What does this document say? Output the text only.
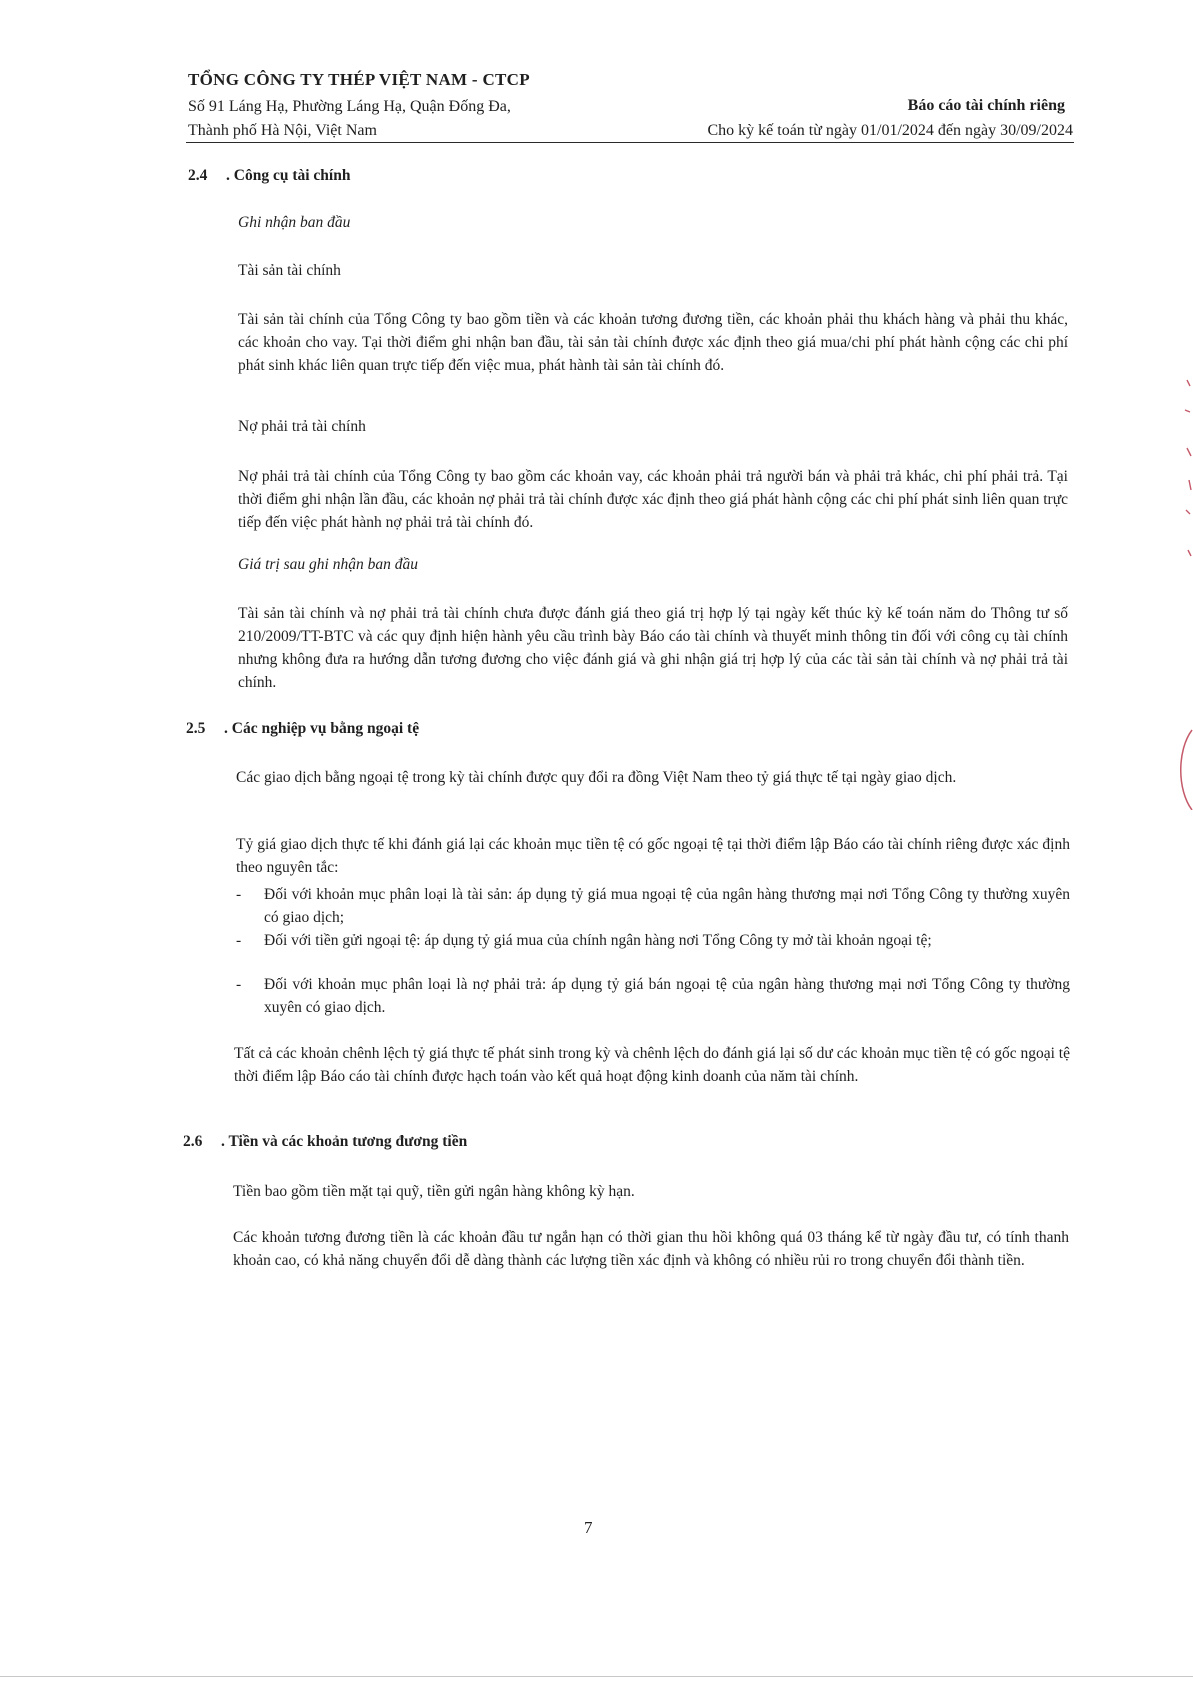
TỔNG CÔNG TY THÉP VIỆT NAM - CTCP
Số 91 Láng Hạ, Phường Láng Hạ, Quận Đống Đa,
Thành phố Hà Nội, Việt Nam
Báo cáo tài chính riêng
Cho kỳ kế toán từ ngày 01/01/2024 đến ngày 30/09/2024
2.4 . Công cụ tài chính
Ghi nhận ban đầu
Tài sản tài chính

Tài sản tài chính của Tổng Công ty bao gồm tiền và các khoản tương đương tiền, các khoản phải thu khách hàng và phải thu khác, các khoản cho vay. Tại thời điểm ghi nhận ban đầu, tài sản tài chính được xác định theo giá mua/chi phí phát hành cộng các chi phí phát sinh khác liên quan trực tiếp đến việc mua, phát hành tài sản tài chính đó.

Nợ phải trả tài chính

Nợ phải trả tài chính của Tổng Công ty bao gồm các khoản vay, các khoản phải trả người bán và phải trả khác, chi phí phải trả. Tại thời điểm ghi nhận lần đầu, các khoản nợ phải trả tài chính được xác định theo giá phát hành cộng các chi phí phát sinh liên quan trực tiếp đến việc phát hành nợ phải trả tài chính đó.

Giá trị sau ghi nhận ban đầu

Tài sản tài chính và nợ phải trả tài chính chưa được đánh giá theo giá trị hợp lý tại ngày kết thúc kỳ kế toán năm do Thông tư số 210/2009/TT-BTC và các quy định hiện hành yêu cầu trình bày Báo cáo tài chính và thuyết minh thông tin đối với công cụ tài chính nhưng không đưa ra hướng dẫn tương đương cho việc đánh giá và ghi nhận giá trị hợp lý của các tài sản tài chính và nợ phải trả tài chính.

2.5 . Các nghiệp vụ bằng ngoại tệ

Các giao dịch bằng ngoại tệ trong kỳ tài chính được quy đổi ra đồng Việt Nam theo tỷ giá thực tế tại ngày giao dịch.

Tỷ giá giao dịch thực tế khi đánh giá lại các khoản mục tiền tệ có gốc ngoại tệ tại thời điểm lập Báo cáo tài chính riêng được xác định theo nguyên tắc:

- Đối với khoản mục phân loại là tài sản: áp dụng tỷ giá mua ngoại tệ của ngân hàng thương mại nơi Tổng Công ty thường xuyên có giao dịch;
- Đối với tiền gửi ngoại tệ: áp dụng tỷ giá mua của chính ngân hàng nơi Tổng Công ty mở tài khoản ngoại tệ;
- Đối với khoản mục phân loại là nợ phải trả: áp dụng tỷ giá bán ngoại tệ của ngân hàng thương mại nơi Tổng Công ty thường xuyên có giao dịch.

Tất cả các khoản chênh lệch tỷ giá thực tế phát sinh trong kỳ và chênh lệch do đánh giá lại số dư các khoản mục tiền tệ có gốc ngoại tệ thời điểm lập Báo cáo tài chính được hạch toán vào kết quả hoạt động kinh doanh của năm tài chính.

2.6 . Tiền và các khoản tương đương tiền

Tiền bao gồm tiền mặt tại quỹ, tiền gửi ngân hàng không kỳ hạn.

Các khoản tương đương tiền là các khoản đầu tư ngắn hạn có thời gian thu hồi không quá 03 tháng kể từ ngày đầu tư, có tính thanh khoản cao, có khả năng chuyển đổi dễ dàng thành các lượng tiền xác định và không có nhiều rủi ro trong chuyển đổi thành tiền.

7
